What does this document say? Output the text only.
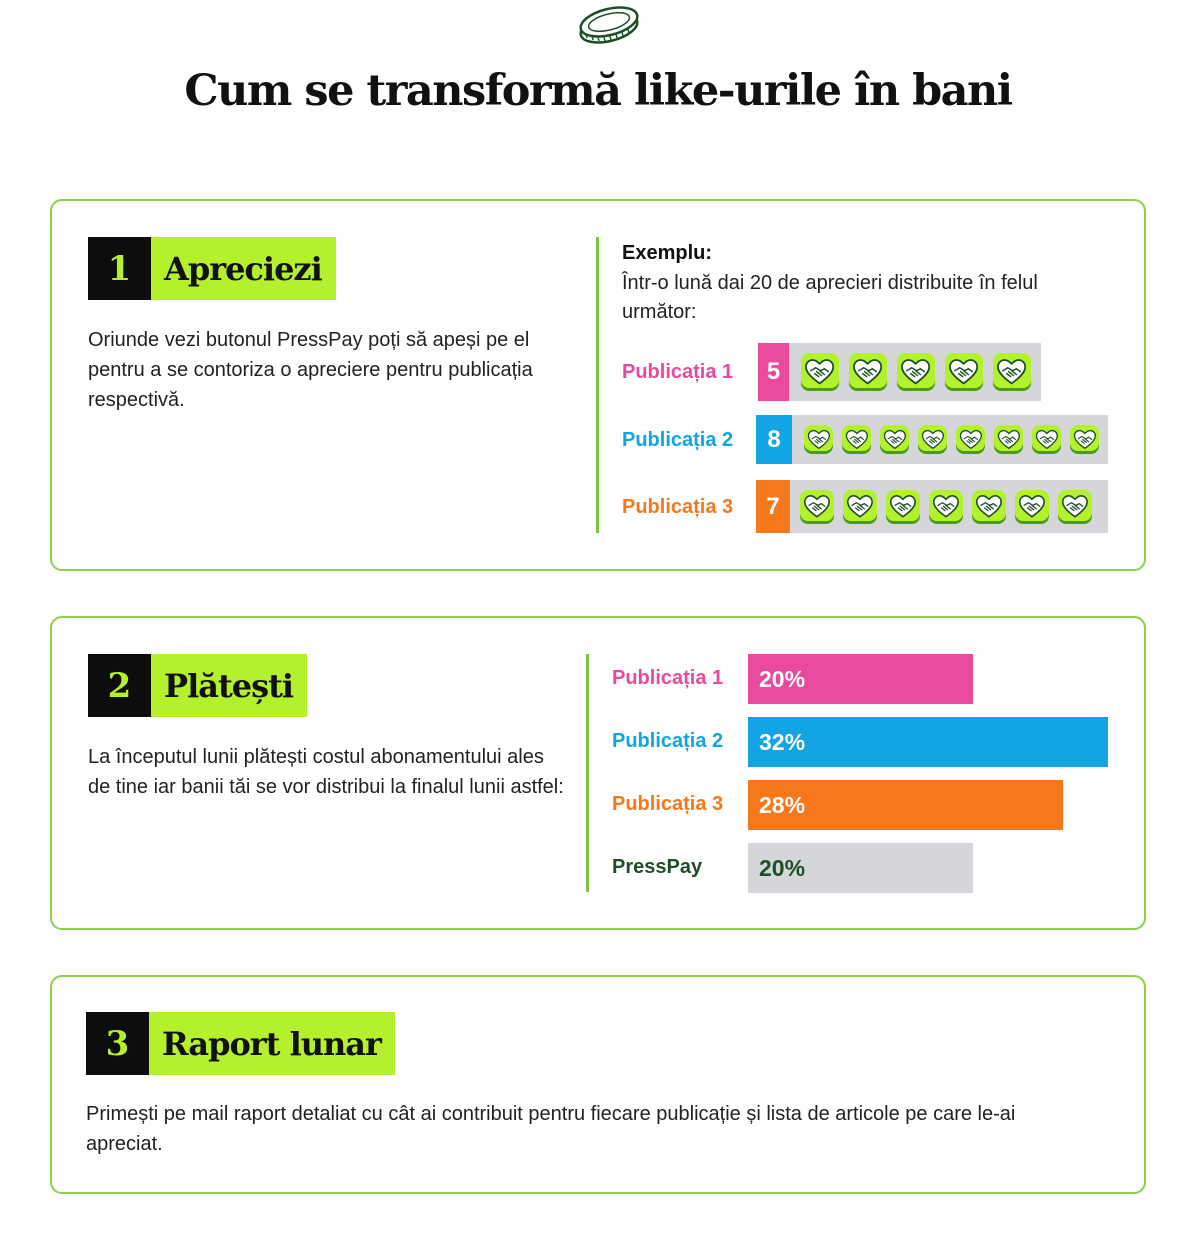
Cum se transformă like-urile în bani
1	Apreciezi

Oriunde vezi butonul PressPay poți să apeși pe el pentru a se contoriza o apreciere pentru publicația respectivă.

Exemplu:

Într-o lună dai 20 de aprecieri distribuite în felul următor:

Publicația 1	5
Publicația 2	8
Publicația 3	7
2	Plătești

La începutul lunii plătești costul abonamentului ales de tine iar banii tăi se vor distribui la finalul lunii astfel:

Publicația 1	20%
Publicația 2	32%
Publicația 3	28%
PressPay	20%
3	Raport lunar

Primești pe mail raport detaliat cu cât ai contribuit pentru fiecare publicație și lista de articole pe care le-ai apreciat.
